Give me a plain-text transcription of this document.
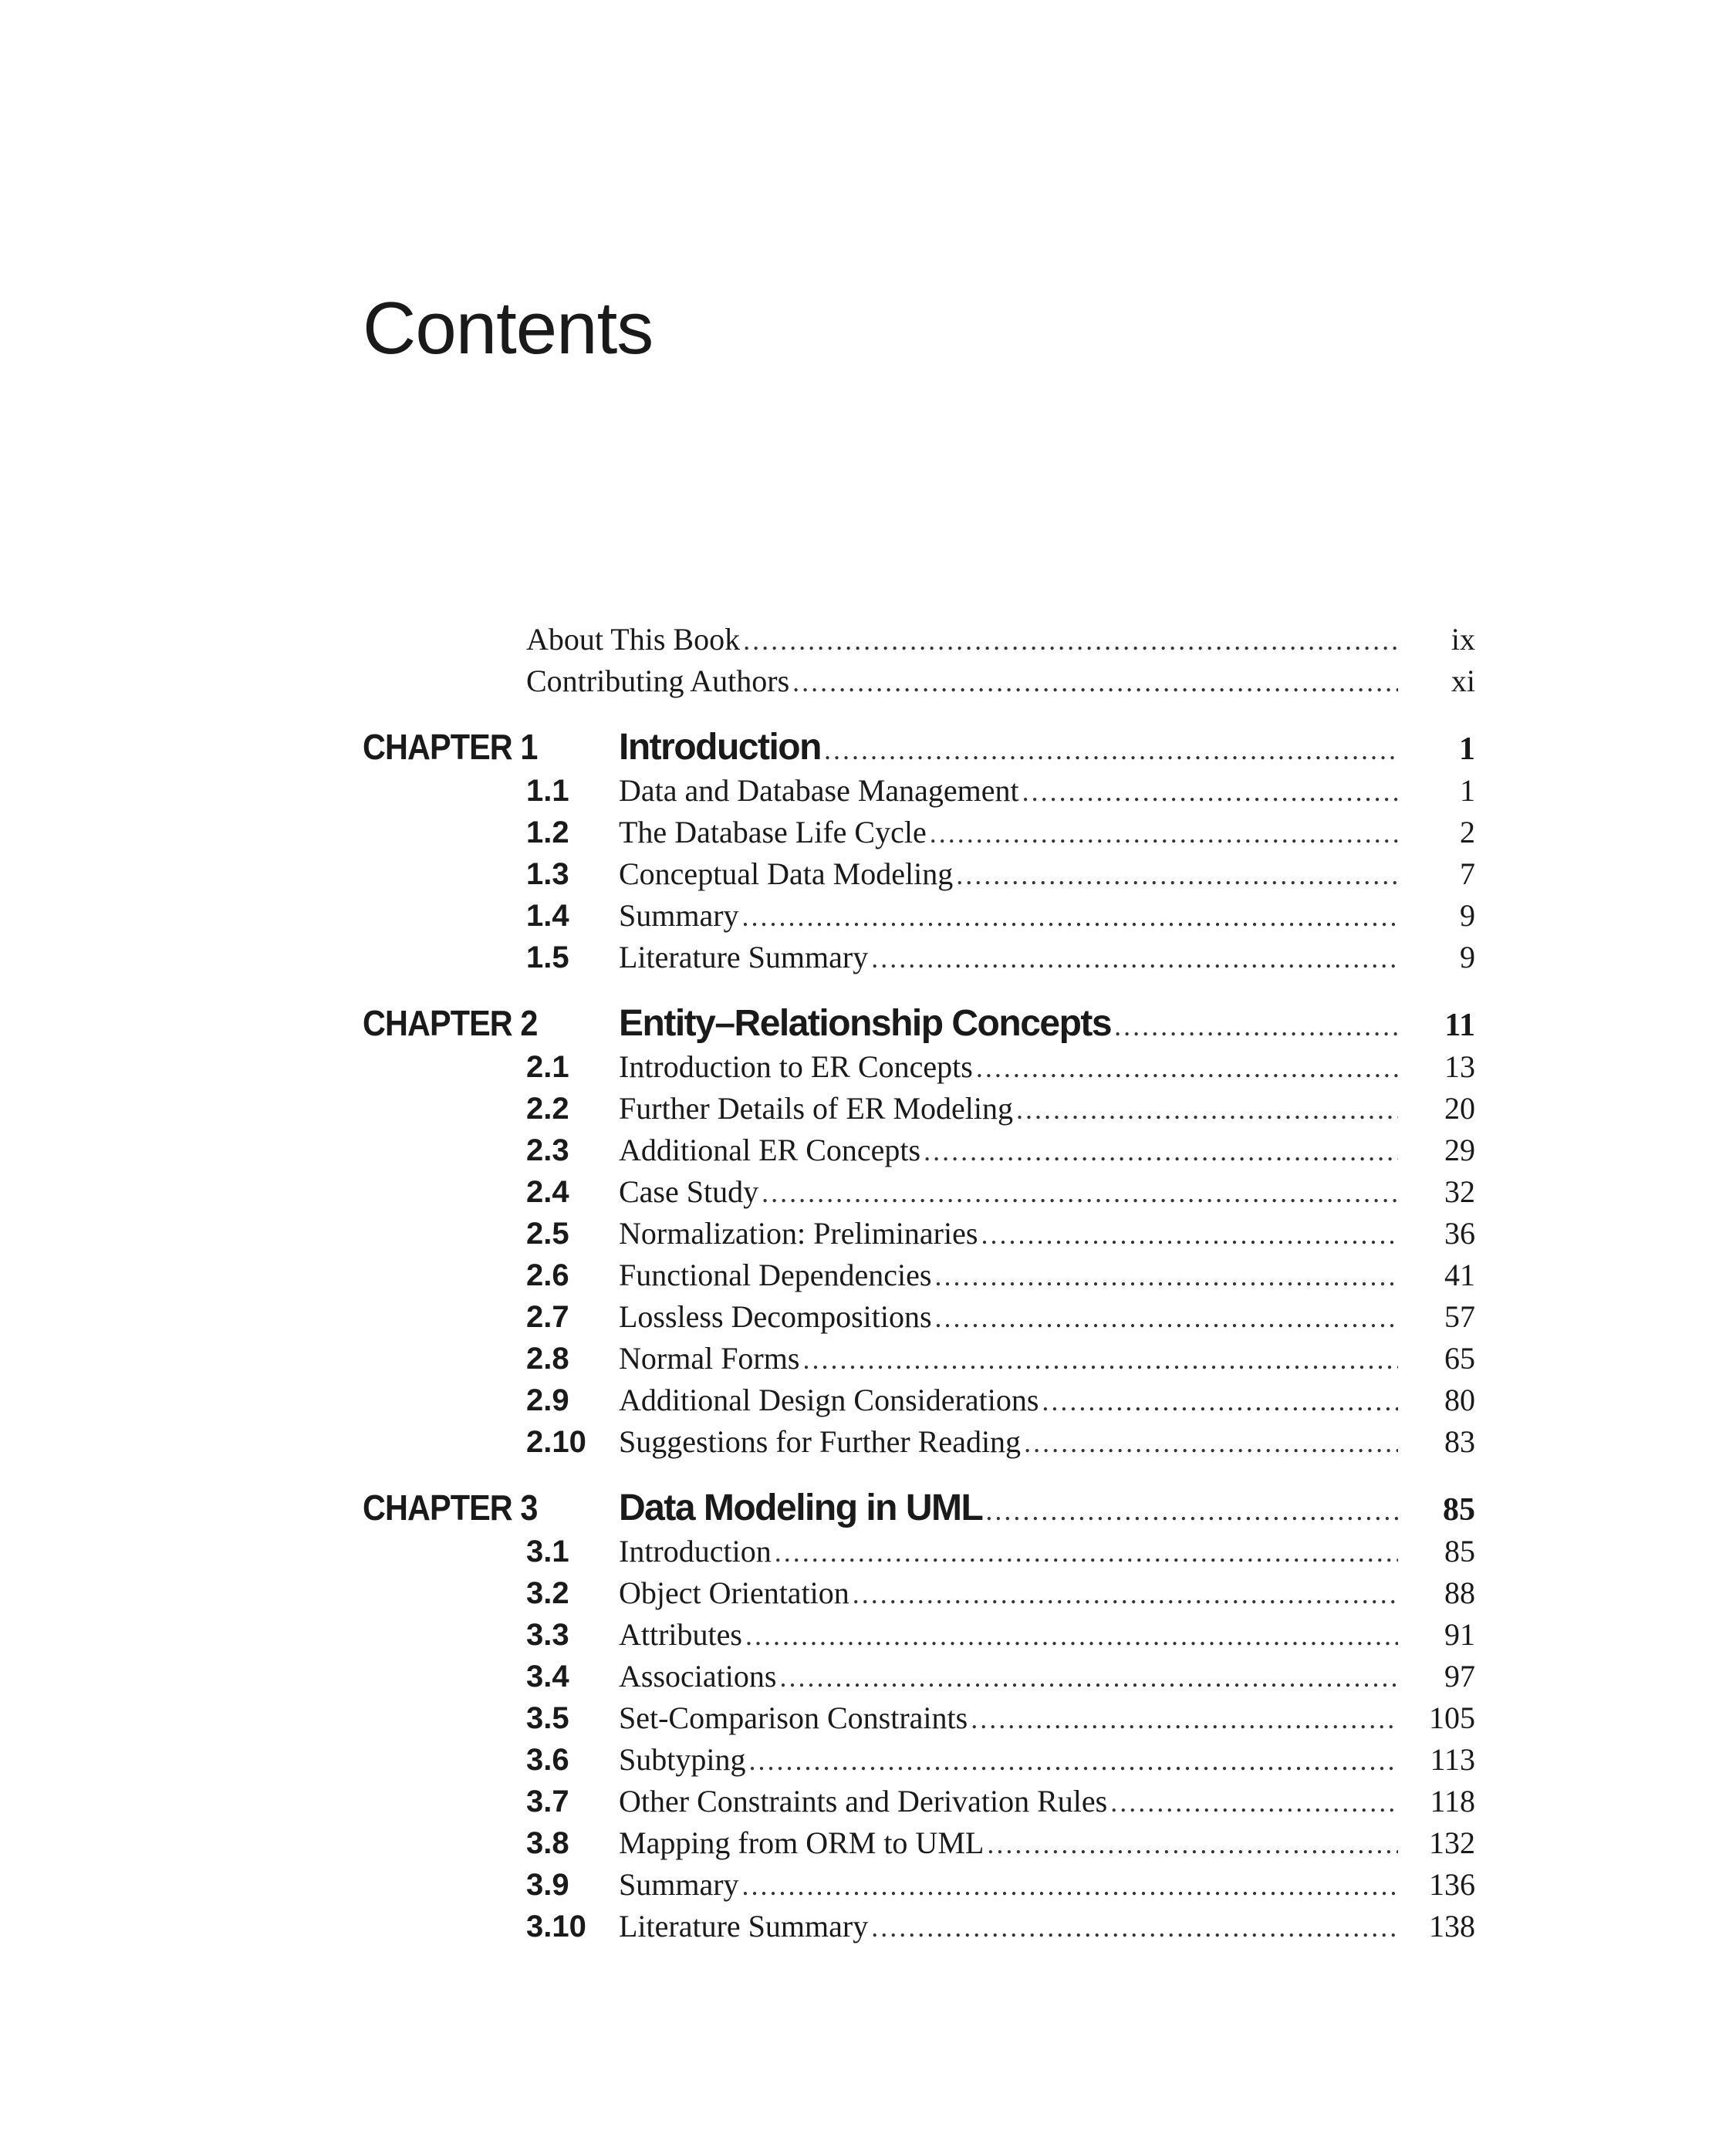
Contents
About This Book .....	ix
Contributing Authors .....	xi
CHAPTER 1 Introduction .....	1
1.1	Data and Database Management .....	1
1.2	The Database Life Cycle .....	2
1.3	Conceptual Data Modeling .....	7
1.4	Summary .....	9
1.5	Literature Summary .....	9
CHAPTER 2 Entity–Relationship Concepts .....	11
2.1	Introduction to ER Concepts .....	13
2.2	Further Details of ER Modeling .....	20
2.3	Additional ER Concepts .....	29
2.4	Case Study .....	32
2.5	Normalization: Preliminaries .....	36
2.6	Functional Dependencies .....	41
2.7	Lossless Decompositions .....	57
2.8	Normal Forms .....	65
2.9	Additional Design Considerations .....	80
2.10	Suggestions for Further Reading .....	83
CHAPTER 3 Data Modeling in UML .....	85
3.1	Introduction .....	85
3.2	Object Orientation .....	88
3.3	Attributes .....	91
3.4	Associations .....	97
3.5	Set-Comparison Constraints .....	105
3.6	Subtyping .....	113
3.7	Other Constraints and Derivation Rules .....	118
3.8	Mapping from ORM to UML .....	132
3.9	Summary .....	136
3.10	Literature Summary .....	138
